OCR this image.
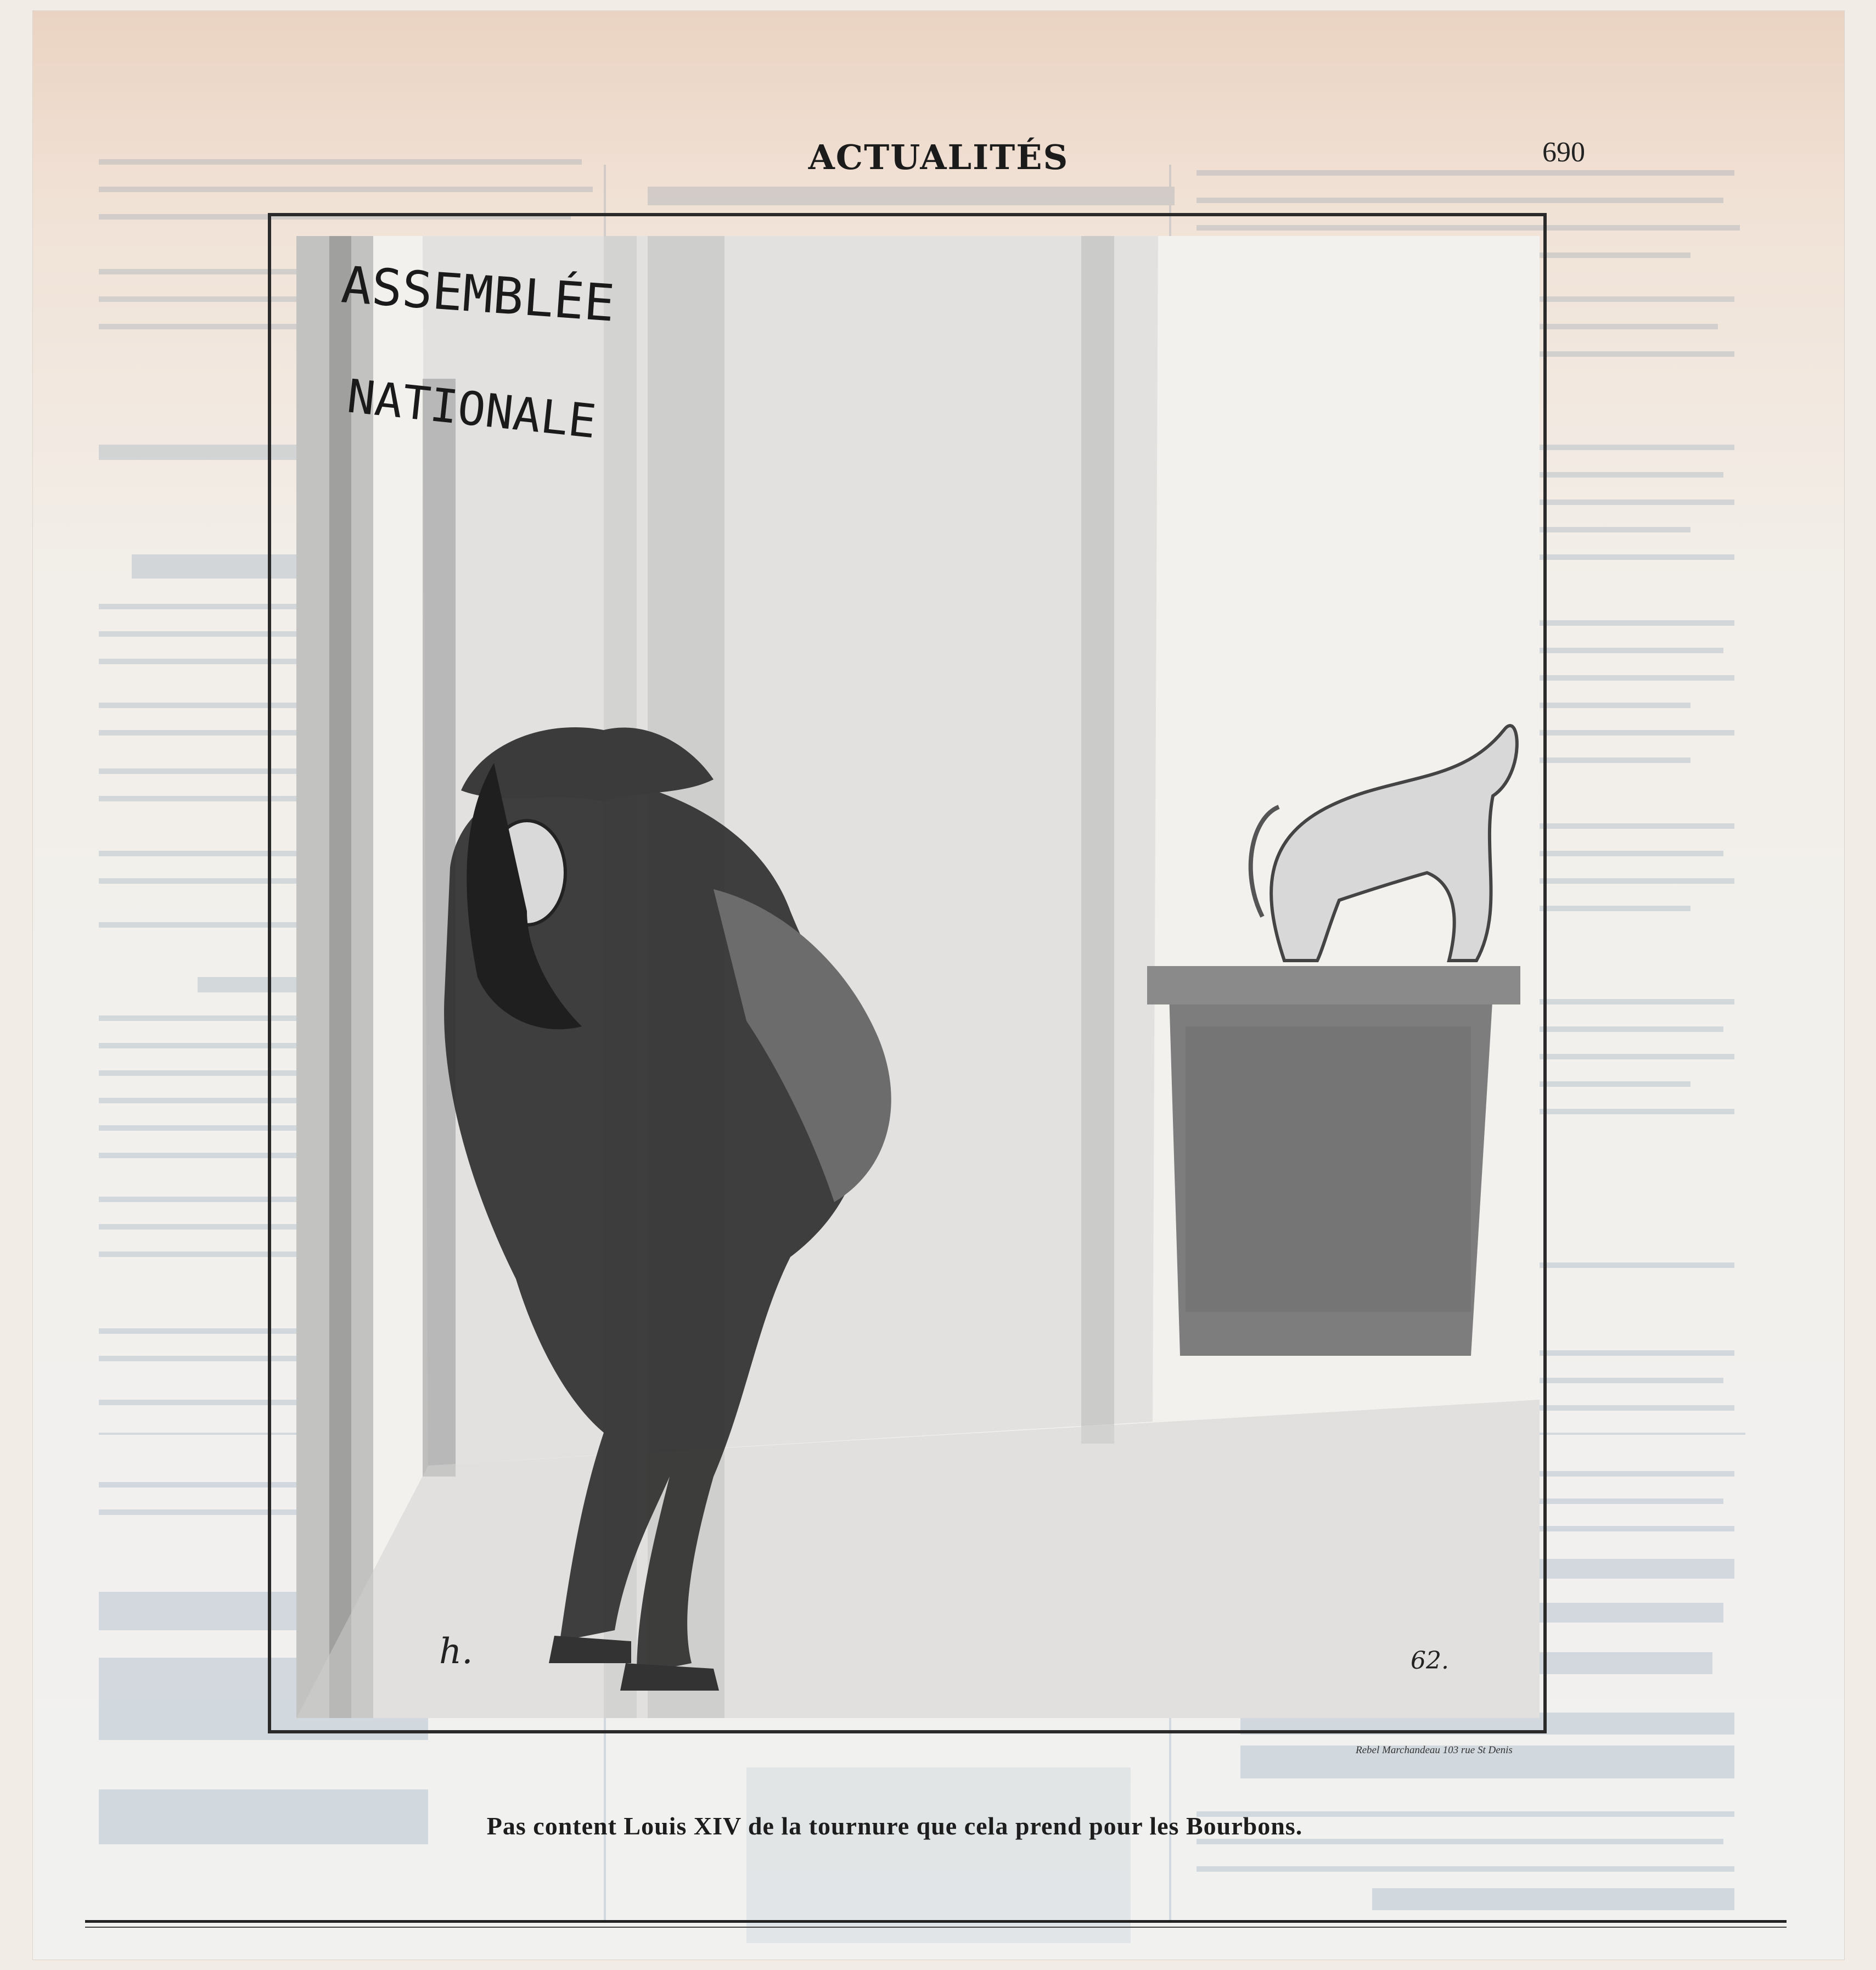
ACTUALITÉS	690
ASSEMBLÉE
NATIONALE
h.	62.
Rebel Marchandeau 103 rue St Denis
Pas content Louis XIV de la tournure que cela prend pour les Bourbons.
